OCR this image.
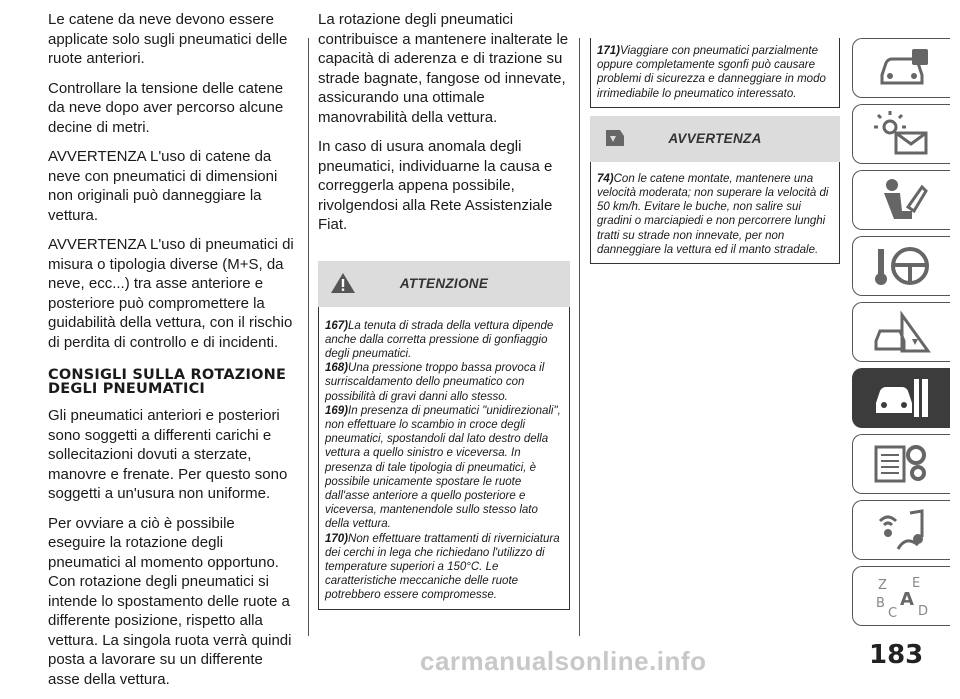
Le catene da neve devono essere applicate solo sugli pneumatici delle ruote anteriori.

Controllare la tensione delle catene da neve dopo aver percorso alcune decine di metri.

AVVERTENZA L'uso di catene da neve con pneumatici di dimensioni non originali può danneggiare la vettura.

AVVERTENZA L'uso di pneumatici di misura o tipologia diverse (M+S, da neve, ecc...) tra asse anteriore e posteriore può compromettere la guidabilità della vettura, con il rischio di perdita di controllo e di incidenti.

CONSIGLI SULLA ROTAZIONE DEGLI PNEUMATICI

Gli pneumatici anteriori e posteriori sono soggetti a differenti carichi e sollecitazioni dovuti a sterzate, manovre e frenate. Per questo sono soggetti a un'usura non uniforme.

Per ovviare a ciò è possibile eseguire la rotazione degli pneumatici al momento opportuno. Con rotazione degli pneumatici si intende lo spostamento delle ruote a differente posizione, rispetto alla vettura. La singola ruota verrà quindi posta a lavorare su un differente asse della vettura.

La rotazione degli pneumatici contribuisce a mantenere inalterate le capacità di aderenza e di trazione su strade bagnate, fangose od innevate, assicurando una ottimale manovrabilità della vettura.

In caso di usura anomala degli pneumatici, individuarne la causa e correggerla appena possibile, rivolgendosi alla Rete Assistenziale Fiat.

ATTENZIONE
167)La tenuta di strada della vettura dipende anche dalla corretta pressione di gonfiaggio degli pneumatici.
168)Una pressione troppo bassa provoca il surriscaldamento dello pneumatico con possibilità di gravi danni allo stesso.
169)In presenza di pneumatici "unidirezionali", non effettuare lo scambio in croce degli pneumatici, spostandoli dal lato destro della vettura a quello sinistro e viceversa. In presenza di tale tipologia di pneumatici, è possibile unicamente spostare le ruote dall'asse anteriore a quello posteriore e viceversa, mantenendole sullo stesso lato della vettura.
170)Non effettuare trattamenti di riverniciatura dei cerchi in lega che richiedano l'utilizzo di temperature superiori a 150°C. Le caratteristiche meccaniche delle ruote potrebbero essere compromesse.
171)Viaggiare con pneumatici parzialmente oppure completamente sgonfi può causare problemi di sicurezza e danneggiare in modo irrimediabile lo pneumatico interessato.
AVVERTENZA
74)Con le catene montate, mantenere una velocità moderata; non superare la velocità di 50 km/h. Evitare le buche, non salire sui gradini o marciapiedi e non percorrere lunghi tratti su strade non innevate, per non danneggiare la vettura ed il manto stradale.
Z E
B A
C D
183
carmanualsonline.info
